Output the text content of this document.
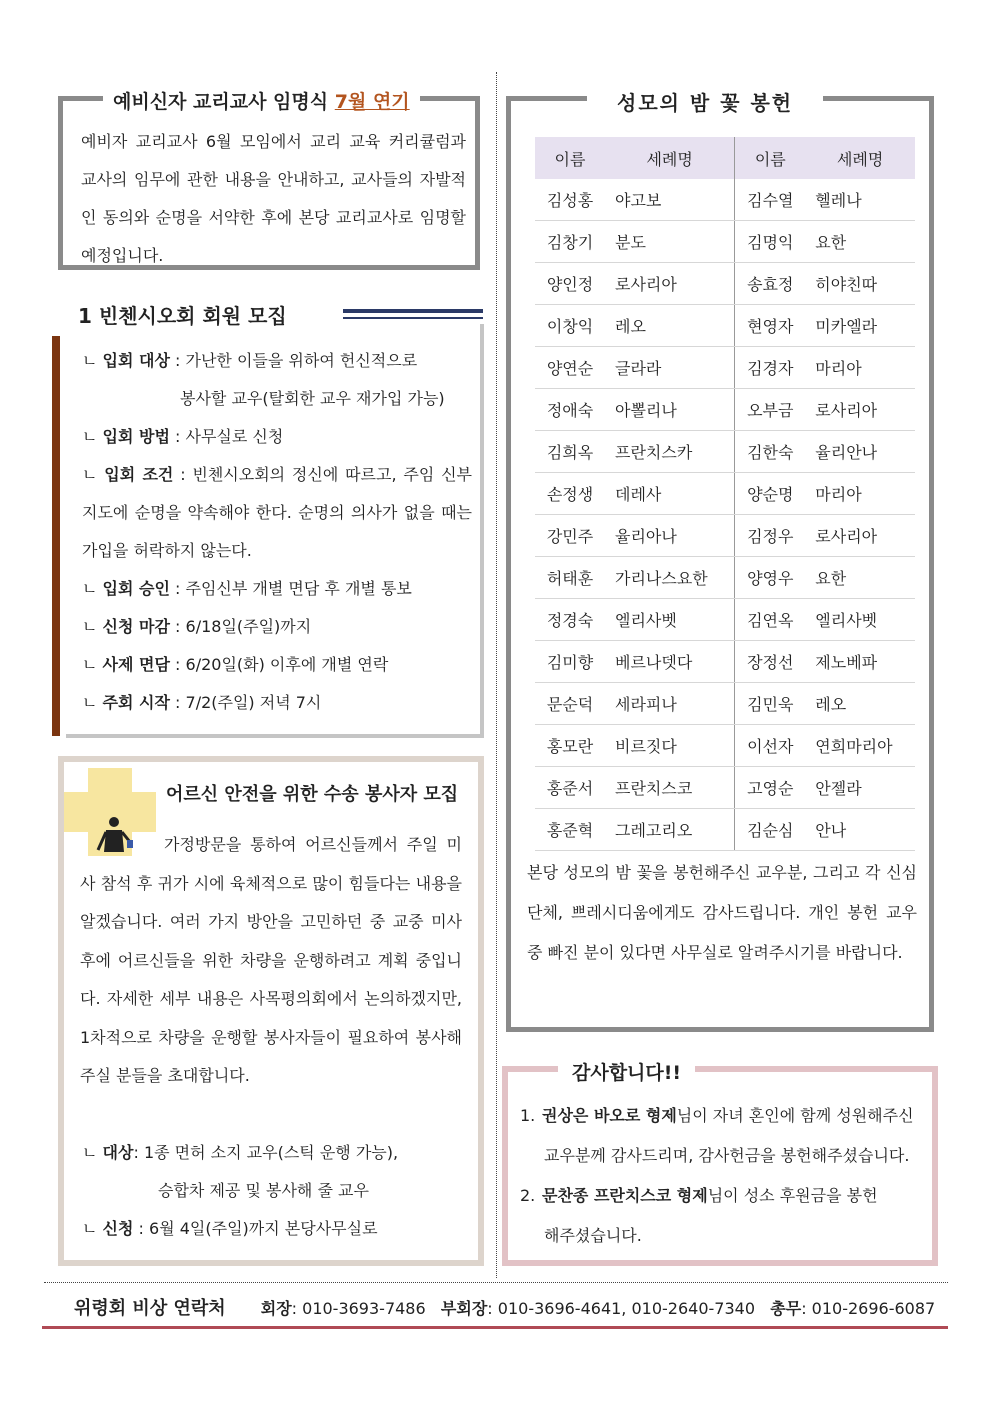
예비신자 교리교사 임명식 7월 연기
예비자 교리교사 6월 모임에서 교리 교육 커리큘럼과 교사의 임무에 관한 내용을 안내하고, 교사들의 자발적인 동의와 순명을 서약한 후에 본당 교리교사로 임명할 예정입니다.
1 빈첸시오회 회원 모집
ㄴ 입회 대상 : 가난한 이들을 위하여 헌신적으로
봉사할 교우(탈회한 교우 재가입 가능)
ㄴ 입회 방법 : 사무실로 신청
ㄴ 입회 조건 : 빈첸시오회의 정신에 따르고, 주임 신부 지도에 순명을 약속해야 한다. 순명의 의사가 없을 때는 가입을 허락하지 않는다.
ㄴ 입회 승인 : 주임신부 개별 면담 후 개별 통보
ㄴ 신청 마감 : 6/18일(주일)까지
ㄴ 사제 면담 : 6/20일(화) 이후에 개별 연락
ㄴ 주회 시작 : 7/2(주일) 저녁 7시
어르신 안전을 위한 수송 봉사자 모집
가정방문을 통하여 어르신들께서 주일 미사 참석 후 귀가 시에 육체적으로 많이 힘들다는 내용을 알겠습니다. 여러 가지 방안을 고민하던 중 교중 미사 후에 어르신들을 위한 차량을 운행하려고 계획 중입니다. 자세한 세부 내용은 사목평의회에서 논의하겠지만, 1차적으로 차량을 운행할 봉사자들이 필요하여 봉사해 주실 분들을 초대합니다.
ㄴ 대상: 1종 면허 소지 교우(스틱 운행 가능),
승합차 제공 및 봉사해 줄 교우
ㄴ 신청 : 6월 4일(주일)까지 본당사무실로
성모의 밤 꽃 봉헌
이름	세례명	이름	세례명
김성홍	야고보	김수열	헬레나
김창기	분도	김명익	요한
양인정	로사리아	송효정	히야친따
이창익	레오	현영자	미카엘라
양연순	글라라	김경자	마리아
정애숙	아뽈리나	오부금	로사리아
김희옥	프란치스카	김한숙	율리안나
손정생	데레사	양순명	마리아
강민주	율리아나	김정우	로사리아
허태훈	가리나스요한	양영우	요한
정경숙	엘리사벳	김연옥	엘리사벳
김미향	베르나뎃다	장정선	제노베파
문순덕	세라피나	김민욱	레오
홍모란	비르짓다	이선자	연희마리아
홍준서	프란치스코	고영순	안젤라
홍준혁	그레고리오	김순심	안나
본당 성모의 밤 꽃을 봉헌해주신 교우분, 그리고 각 신심단체, 쁘레시디움에게도 감사드립니다. 개인 봉헌 교우 중 빠진 분이 있다면 사무실로 알려주시기를 바랍니다.
감사합니다!!
1. 권상은 바오로 형제님이 자녀 혼인에 함께 성원해주신
교우분께 감사드리며, 감사헌금을 봉헌해주셨습니다.
2. 문찬종 프란치스코 형제님이 성소 후원금을 봉헌
해주셨습니다.
위령회 비상 연락처 회장: 010-3693-7486 부회장: 010-3696-4641, 010-2640-7340 총무: 010-2696-6087
